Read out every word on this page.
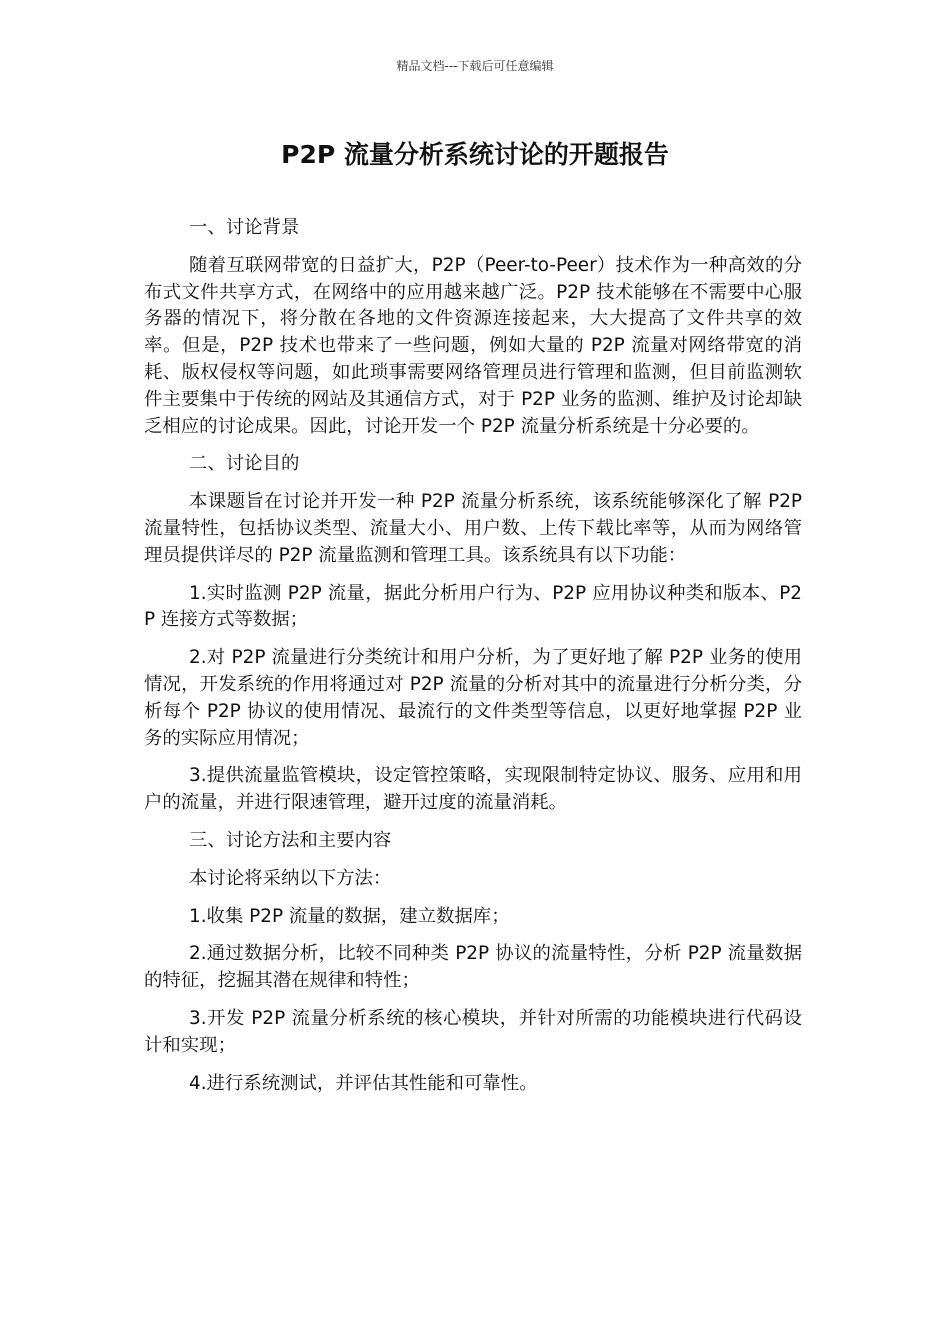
精品文档---下载后可任意编辑
P2P 流量分析系统讨论的开题报告

一、讨论背景

随着互联网带宽的日益扩大，P2P（Peer-to-Peer）技术作为一种高效的分布式文件共享方式，在网络中的应用越来越广泛。P2P 技术能够在不需要中心服务器的情况下，将分散在各地的文件资源连接起来，大大提高了文件共享的效率。但是，P2P 技术也带来了一些问题，例如大量的 P2P 流量对网络带宽的消耗、版权侵权等问题，如此琐事需要网络管理员进行管理和监测，但目前监测软件主要集中于传统的网站及其通信方式，对于 P2P 业务的监测、维护及讨论却缺乏相应的讨论成果。因此，讨论开发一个 P2P 流量分析系统是十分必要的。

二、讨论目的

本课题旨在讨论并开发一种 P2P 流量分析系统，该系统能够深化了解 P2P 流量特性，包括协议类型、流量大小、用户数、上传下载比率等，从而为网络管理员提供详尽的 P2P 流量监测和管理工具。该系统具有以下功能：

1.实时监测 P2P 流量，据此分析用户行为、P2P 应用协议种类和版本、P2P 连接方式等数据；

2.对 P2P 流量进行分类统计和用户分析，为了更好地了解 P2P 业务的使用情况，开发系统的作用将通过对 P2P 流量的分析对其中的流量进行分析分类，分析每个 P2P 协议的使用情况、最流行的文件类型等信息，以更好地掌握 P2P 业务的实际应用情况；

3.提供流量监管模块，设定管控策略，实现限制特定协议、服务、应用和用户的流量，并进行限速管理，避开过度的流量消耗。

三、讨论方法和主要内容

本讨论将采纳以下方法：

1.收集 P2P 流量的数据，建立数据库；

2.通过数据分析，比较不同种类 P2P 协议的流量特性，分析 P2P 流量数据的特征，挖掘其潜在规律和特性；

3.开发 P2P 流量分析系统的核心模块，并针对所需的功能模块进行代码设计和实现；

4.进行系统测试，并评估其性能和可靠性。
